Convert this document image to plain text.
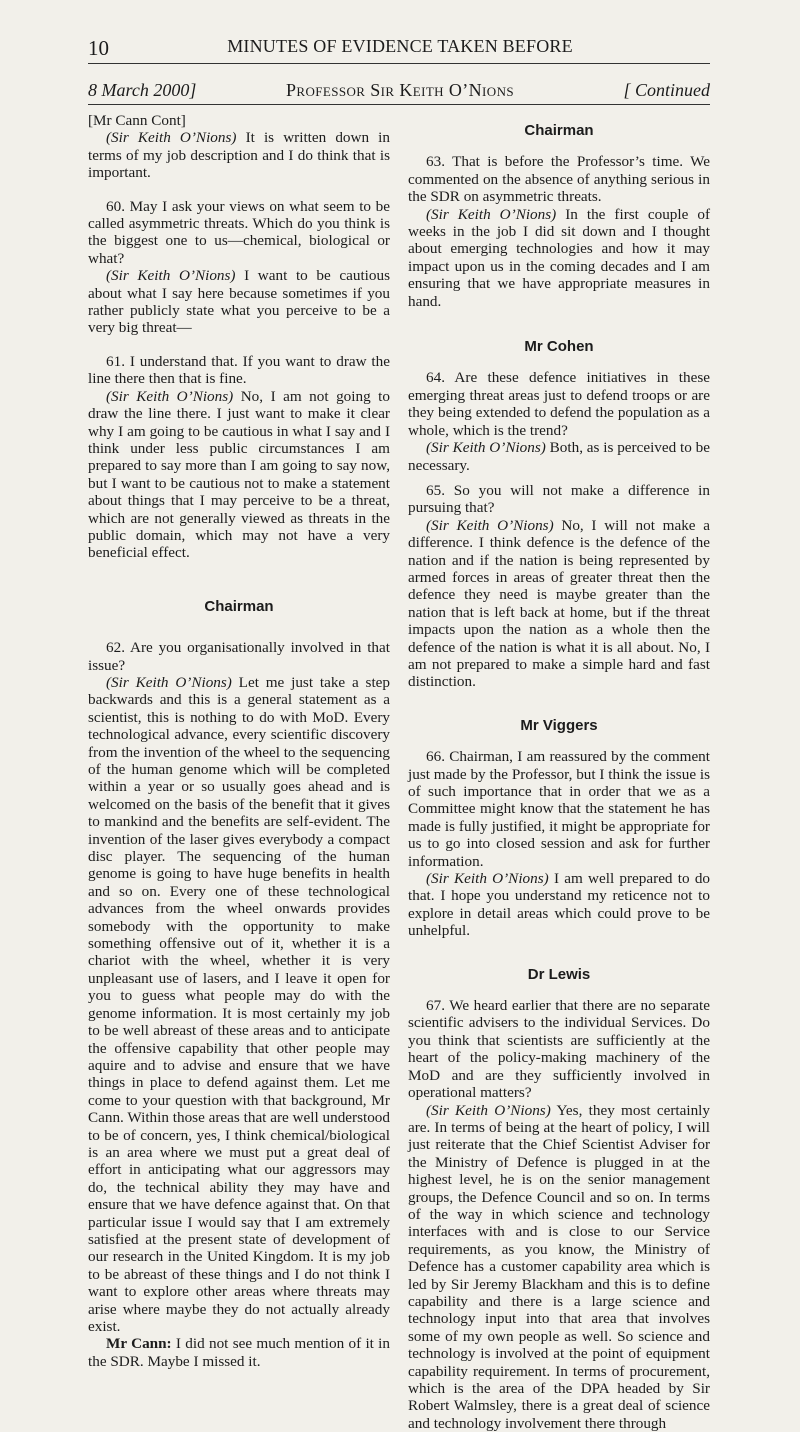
10	MINUTES OF EVIDENCE TAKEN BEFORE
8 March 2000]	Professor Sir Keith O’Nions	[ Continued

[Mr Cann Cont]

(Sir Keith O’Nions) It is written down in terms of my job description and I do think that is important.

60. May I ask your views on what seem to be called asymmetric threats. Which do you think is the biggest one to us—chemical, biological or what?

(Sir Keith O’Nions) I want to be cautious about what I say here because sometimes if you rather publicly state what you perceive to be a very big threat—

61. I understand that. If you want to draw the line there then that is fine.

(Sir Keith O’Nions) No, I am not going to draw the line there. I just want to make it clear why I am going to be cautious in what I say and I think under less public circumstances I am prepared to say more than I am going to say now, but I want to be cautious not to make a statement about things that I may perceive to be a threat, which are not generally viewed as threats in the public domain, which may not have a very beneficial effect.

Chairman

62. Are you organisationally involved in that issue?

(Sir Keith O’Nions) Let me just take a step backwards and this is a general statement as a scientist, this is nothing to do with MoD. Every technological advance, every scientific discovery from the invention of the wheel to the sequencing of the human genome which will be completed within a year or so usually goes ahead and is welcomed on the basis of the benefit that it gives to mankind and the benefits are self-evident. The invention of the laser gives everybody a compact disc player. The sequencing of the human genome is going to have huge benefits in health and so on. Every one of these technological advances from the wheel onwards provides somebody with the opportunity to make something offensive out of it, whether it is a chariot with the wheel, whether it is very unpleasant use of lasers, and I leave it open for you to guess what people may do with the genome information. It is most certainly my job to be well abreast of these areas and to anticipate the offensive capability that other people may aquire and to advise and ensure that we have things in place to defend against them. Let me come to your question with that background, Mr Cann. Within those areas that are well understood to be of concern, yes, I think chemical/biological is an area where we must put a great deal of effort in anticipating what our aggressors may do, the technical ability they may have and ensure that we have defence against that. On that particular issue I would say that I am extremely satisfied at the present state of development of our research in the United Kingdom. It is my job to be abreast of these things and I do not think I want to explore other areas where threats may arise where maybe they do not actually already exist.

Mr Cann: I did not see much mention of it in the SDR. Maybe I missed it.

Chairman

63. That is before the Professor’s time. We commented on the absence of anything serious in the SDR on asymmetric threats.

(Sir Keith O’Nions) In the first couple of weeks in the job I did sit down and I thought about emerging technologies and how it may impact upon us in the coming decades and I am ensuring that we have appropriate measures in hand.

Mr Cohen

64. Are these defence initiatives in these emerging threat areas just to defend troops or are they being extended to defend the population as a whole, which is the trend?

(Sir Keith O’Nions) Both, as is perceived to be necessary.

65. So you will not make a difference in pursuing that?

(Sir Keith O’Nions) No, I will not make a difference. I think defence is the defence of the nation and if the nation is being represented by armed forces in areas of greater threat then the defence they need is maybe greater than the nation that is left back at home, but if the threat impacts upon the nation as a whole then the defence of the nation is what it is all about. No, I am not prepared to make a simple hard and fast distinction.

Mr Viggers

66. Chairman, I am reassured by the comment just made by the Professor, but I think the issue is of such importance that in order that we as a Committee might know that the statement he has made is fully justified, it might be appropriate for us to go into closed session and ask for further information.

(Sir Keith O’Nions) I am well prepared to do that. I hope you understand my reticence not to explore in detail areas which could prove to be unhelpful.

Dr Lewis

67. We heard earlier that there are no separate scientific advisers to the individual Services. Do you think that scientists are sufficiently at the heart of the policy-making machinery of the MoD and are they sufficiently involved in operational matters?

(Sir Keith O’Nions) Yes, they most certainly are. In terms of being at the heart of policy, I will just reiterate that the Chief Scientist Adviser for the Ministry of Defence is plugged in at the highest level, he is on the senior management groups, the Defence Council and so on. In terms of the way in which science and technology interfaces with and is close to our Service requirements, as you know, the Ministry of Defence has a customer capability area which is led by Sir Jeremy Blackham and this is to define capability and there is a large science and technology input into that area that involves some of my own people as well. So science and technology is involved at the point of equipment capability requirement. In terms of procurement, which is the area of the DPA headed by Sir Robert Walmsley, there is a great deal of science and technology involvement there through
